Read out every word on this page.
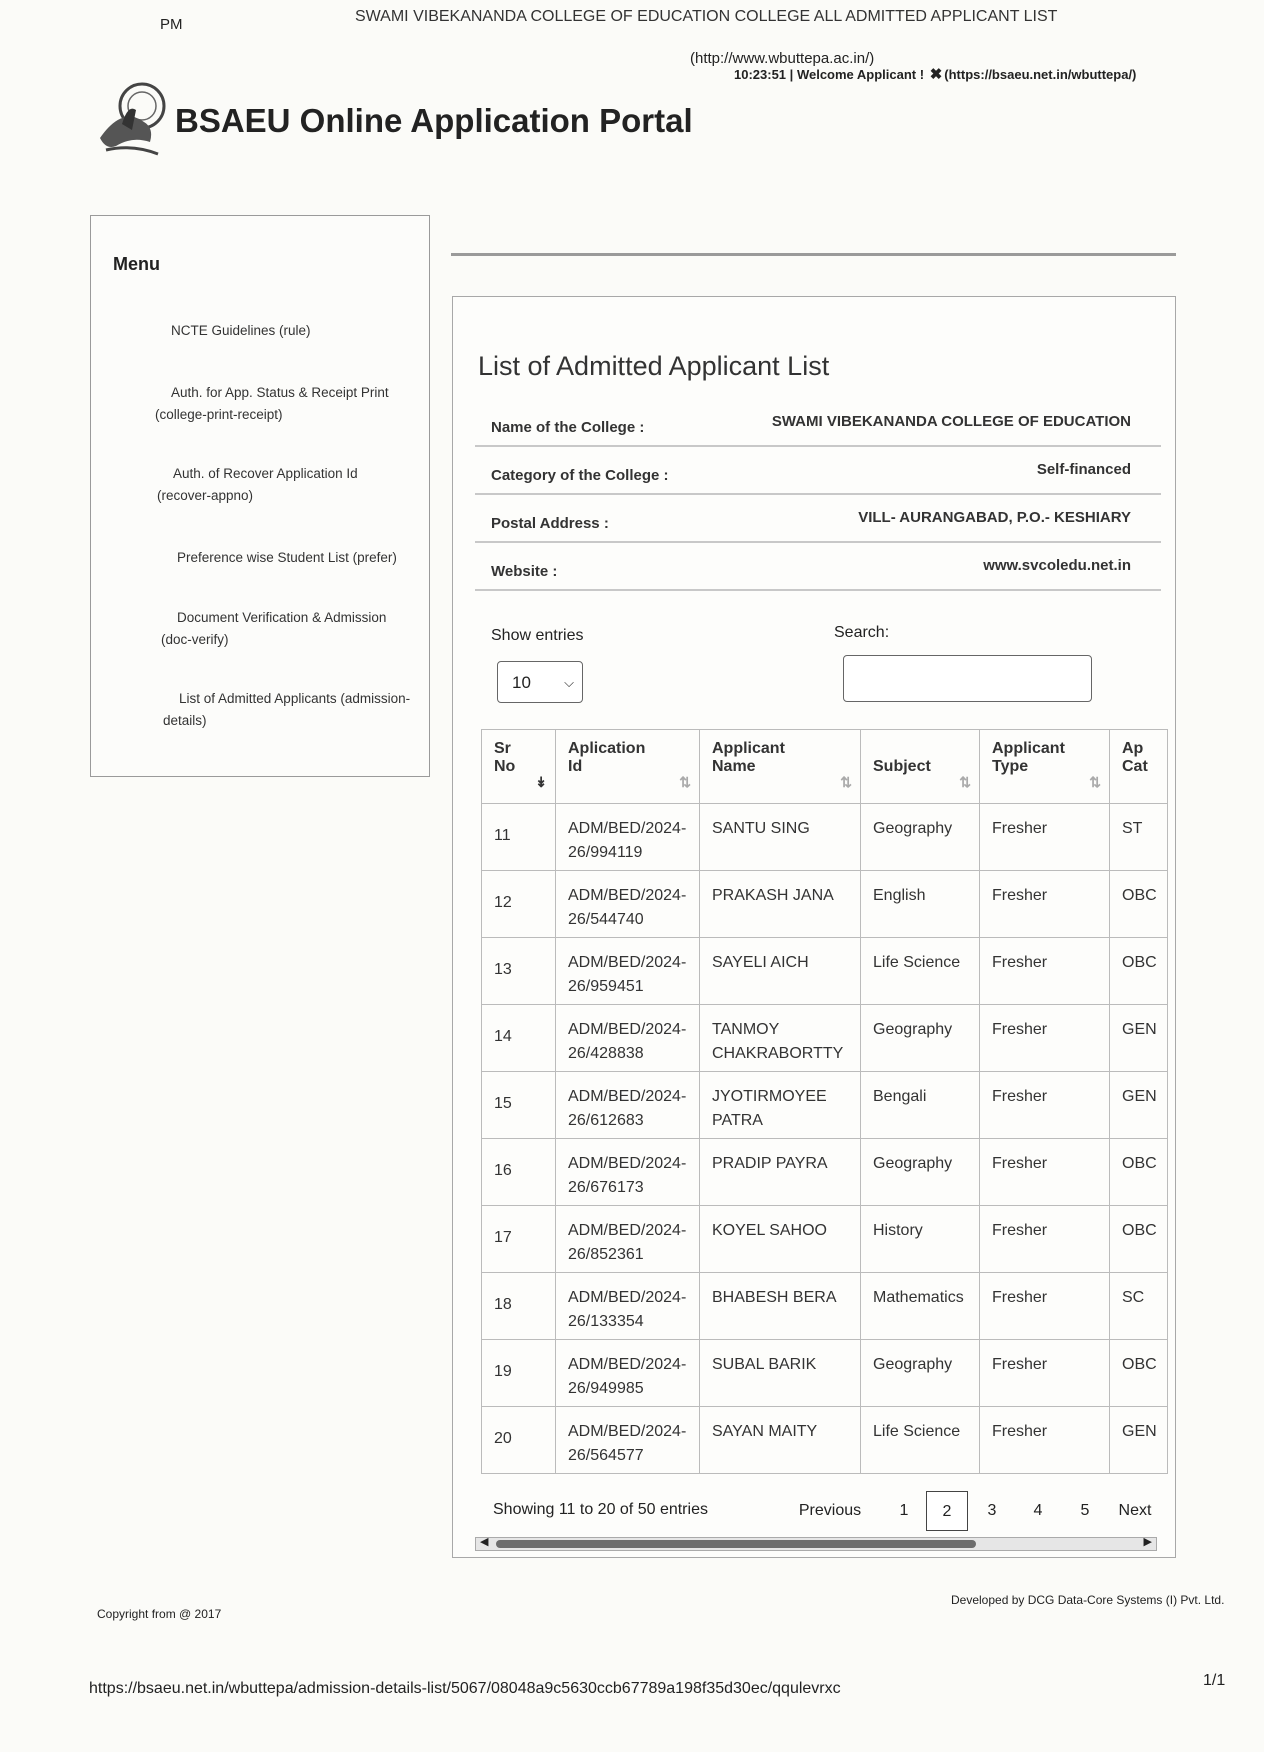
PM	SWAMI VIBEKANANDA COLLEGE OF EDUCATION COLLEGE ALL ADMITTED APPLICANT LIST
(http://www.wbuttepa.ac.in/)
10:23:51 | Welcome Applicant ! ✖ (https://bsaeu.net.in/wbuttepa/)
BSAEU Online Application Portal
Menu
NCTE Guidelines (rule)
Auth. for App. Status & Receipt Print
(college-print-receipt)
Auth. of Recover Application Id
(recover-appno)
Preference wise Student List (prefer)
Document Verification & Admission
(doc-verify)
List of Admitted Applicants (admission-
details)
List of Admitted Applicant List
Name of the College :	SWAMI VIBEKANANDA COLLEGE OF EDUCATION
Category of the College :	Self-financed
Postal Address :	VILL- AURANGABAD, P.O.- KESHIARY
Website :	www.svcoledu.net.in
Show entries	Search:
10	⌵
Sr
No
↡	Aplication
Id
⇅	Applicant
Name
⇅	Subject
⇅	Applicant
Type
⇅	Ap
Cat
11	ADM/BED/2024-
26/994119	SANTU SING	Geography	Fresher	ST
12	ADM/BED/2024-
26/544740	PRAKASH JANA	English	Fresher	OBC
13	ADM/BED/2024-
26/959451	SAYELI AICH	Life Science	Fresher	OBC
14	ADM/BED/2024-
26/428838	TANMOY
CHAKRABORTTY	Geography	Fresher	GEN
15	ADM/BED/2024-
26/612683	JYOTIRMOYEE
PATRA	Bengali	Fresher	GEN
16	ADM/BED/2024-
26/676173	PRADIP PAYRA	Geography	Fresher	OBC
17	ADM/BED/2024-
26/852361	KOYEL SAHOO	History	Fresher	OBC
18	ADM/BED/2024-
26/133354	BHABESH BERA	Mathematics	Fresher	SC
19	ADM/BED/2024-
26/949985	SUBAL BARIK	Geography	Fresher	OBC
20	ADM/BED/2024-
26/564577	SAYAN MAITY	Life Science	Fresher	GEN
Showing 11 to 20 of 50 entries	Previous	1	2	3	4	5	Next
◀	▶
Copyright from @ 2017
Developed by DCG Data-Core Systems (I) Pvt. Ltd.
https://bsaeu.net.in/wbuttepa/admission-details-list/5067/08048a9c5630ccb67789a198f35d30ec/qqulevrxc	1/1
